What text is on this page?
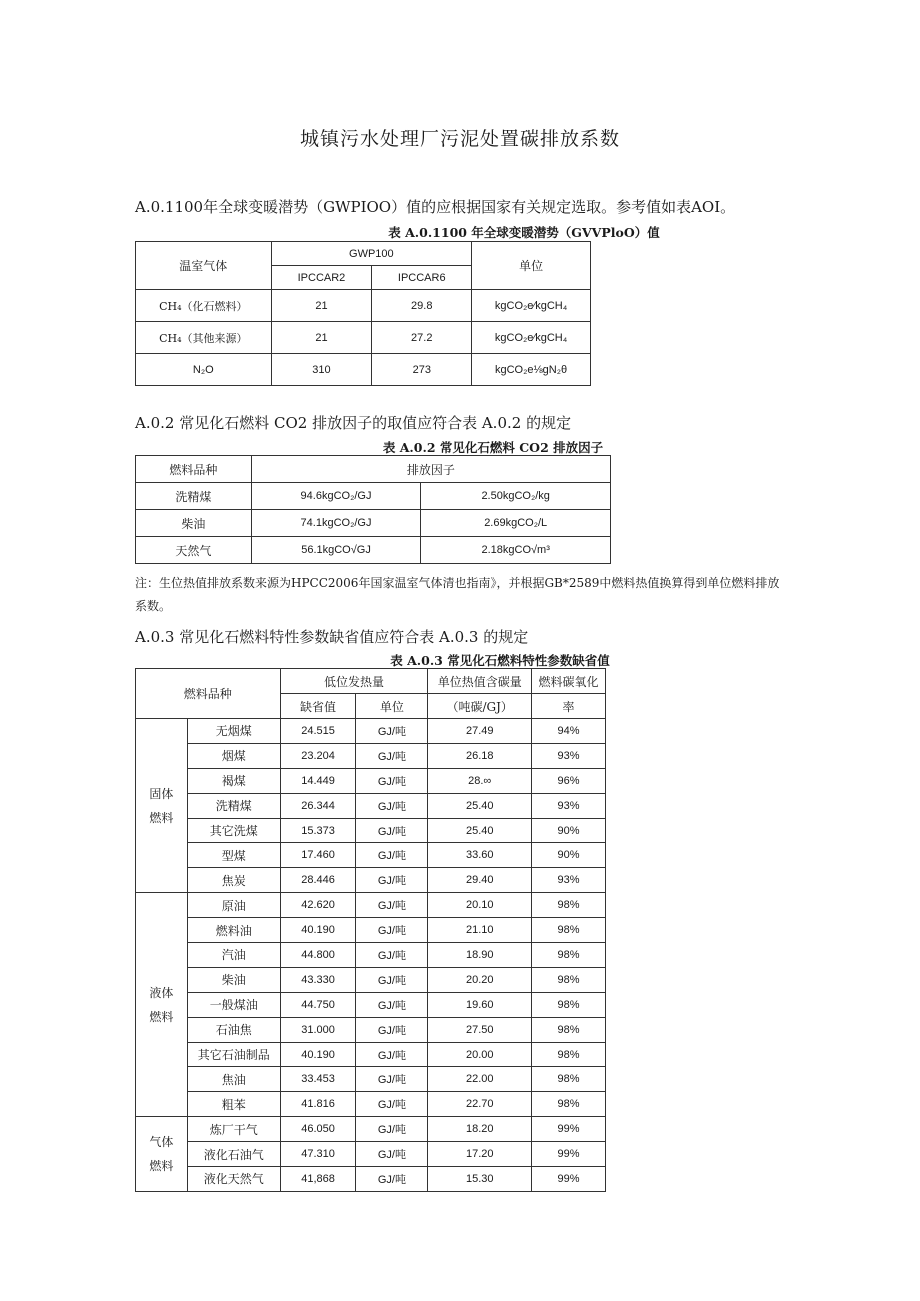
城镇污水处理厂污泥处置碳排放系数
A.0.1100年全球变暖潜势（GWPIOO）值的应根据国家有关规定选取。参考值如表AOI。
表 A.0.1100 年全球变暖潜势（GVVPloO）值
温室气体	GWP100		单位
	IPCCAR2	IPCCAR6	
CH₄（化石燃料）	21	29.8	kgCO₂e⁄kgCH₄
CH₄（其他来源）	21	27.2	kgCO₂e⁄kgCH₄
N₂O	310	273	kgCO₂e⅛gN₂θ
A.0.2 常见化石燃料 CO2 排放因子的取值应符合表 A.0.2 的规定
表 A.0.2 常见化石燃料 CO2 排放因子
燃料品种	排放因子	
洗精煤	94.6kgCO₂/GJ	2.50kgCO₂/kg
柴油	74.1kgCO₂/GJ	2.69kgCO₂/L
天然气	56.1kgCO√GJ	2.18kgCO√m³
注：生位热值排放系数来源为HPCC2006年国家温室气体清也指南》，并根据GB*2589中燃料热值换算得到单位燃料排放系数。
A.0.3 常见化石燃料特性参数缺省值应符合表 A.0.3 的规定
表 A.0.3 常见化石燃料特性参数缺省值
燃料品种		低位发热量		单位热值含碳量	燃料碳氧化
		缺省值	单位	（吨碳/GJ）	率

固体
燃料	无烟煤	24.515	GJ/吨	27.49	94%
	烟煤	23.204	GJ/吨	26.18	93%
	褐煤	14.449	GJ/吨	28.∞	96%
	洗精煤	26.344	GJ/吨	25.40	93%
	其它洗煤	15.373	GJ/吨	25.40	90%
	型煤	17.460	GJ/吨	33.60	90%
	焦炭	28.446	GJ/吨	29.40	93%

液体
燃料	原油	42.620	GJ/吨	20.10	98%
	燃料油	40.190	GJ/吨	21.10	98%
	汽油	44.800	GJ/吨	18.90	98%
	柴油	43.330	GJ/吨	20.20	98%
	一般煤油	44.750	GJ/吨	19.60	98%
	石油焦	31.000	GJ/吨	27.50	98%
	其它石油制品	40.190	GJ/吨	20.00	98%
	焦油	33.453	GJ/吨	22.00	98%
	粗苯	41.816	GJ/吨	22.70	98%

气体
燃料	炼厂干气	46.050	GJ/吨	18.20	99%
	液化石油气	47.310	GJ/吨	17.20	99%
	液化天然气	41,868	GJ/吨	15.30	99%
